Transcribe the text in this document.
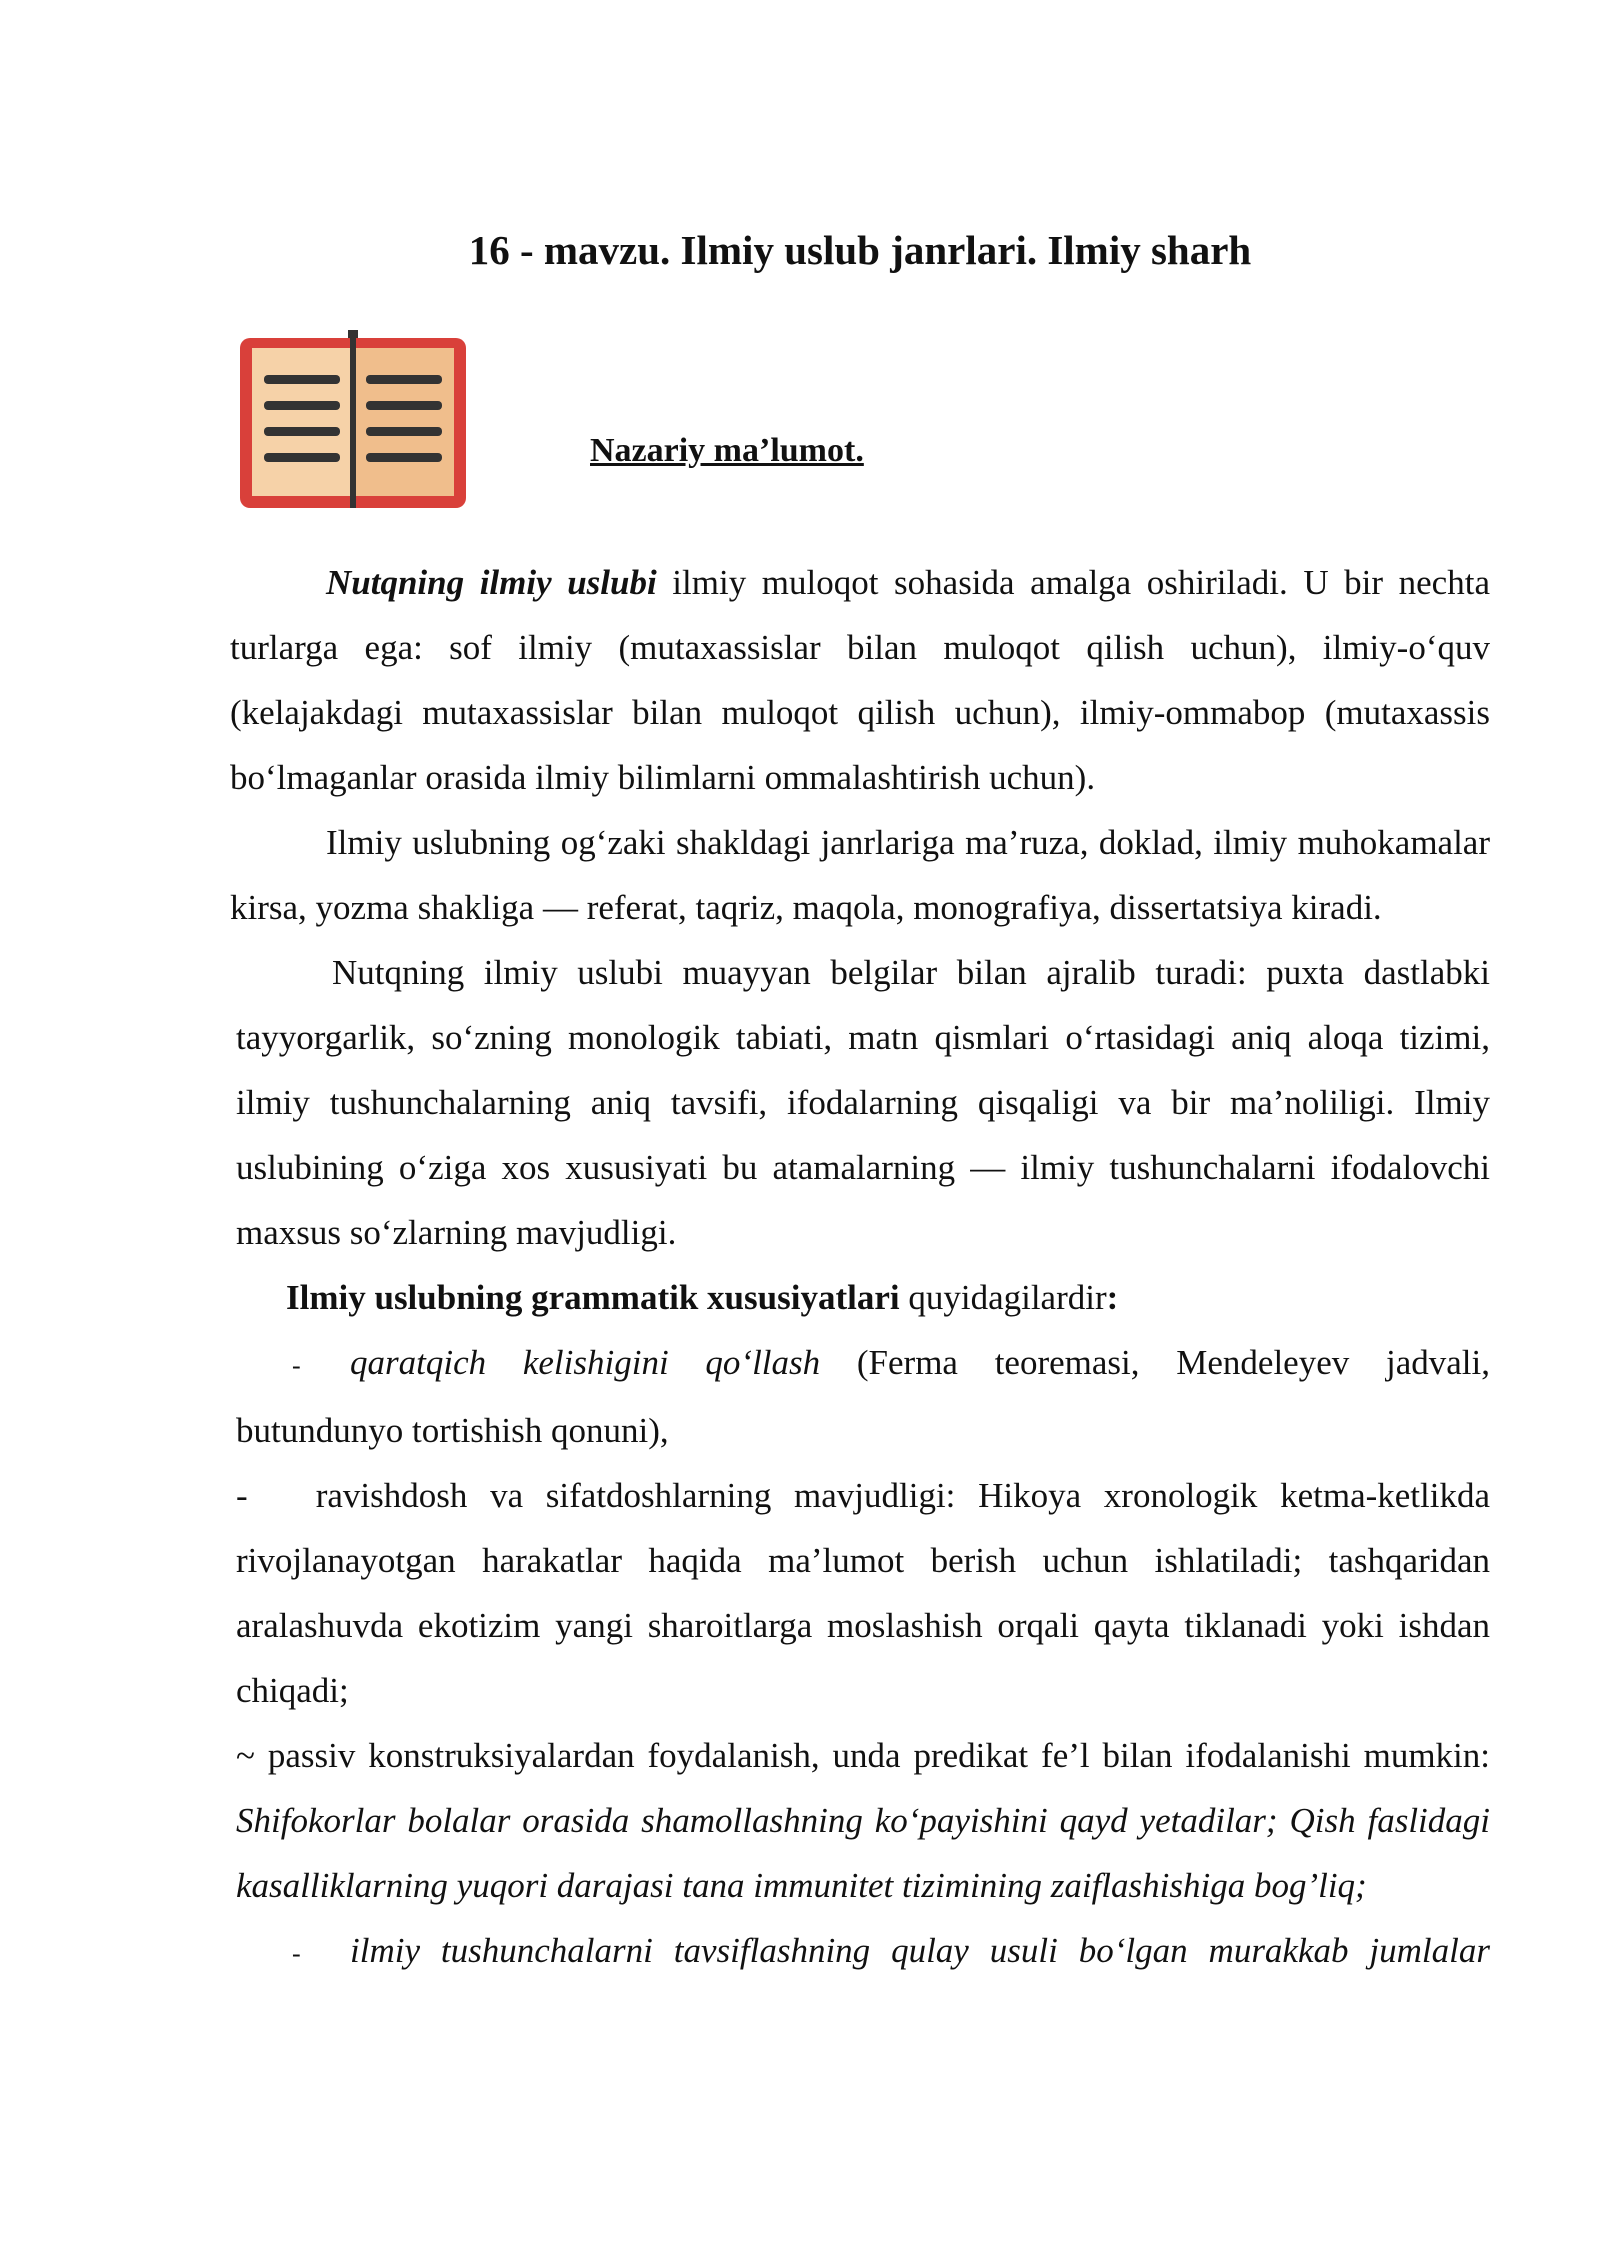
16 - mavzu. Ilmiy uslub janrlari. Ilmiy sharh
Nazariy ma’lumot.

Nutqning ilmiy uslubi ilmiy muloqot sohasida amalga oshiriladi. U bir nechta turlarga ega: sof ilmiy (mutaxassislar bilan muloqot qilish uchun), ilmiy-o‘quv (kelajakdagi mutaxassislar bilan muloqot qilish uchun), ilmiy-ommabop (mutaxassis bo‘lmaganlar orasida ilmiy bilimlarni ommalashtirish uchun).

Ilmiy uslubning og‘zaki shakldagi janrlariga ma’ruza, doklad, ilmiy muhokamalar kirsa, yozma shakliga — referat, taqriz, maqola, monografiya, dissertatsiya kiradi.

Nutqning ilmiy uslubi muayyan belgilar bilan ajralib turadi: puxta dastlabki tayyorgarlik, so‘zning monologik tabiati, matn qismlari o‘rtasidagi aniq aloqa tizimi, ilmiy tushunchalarning aniq tavsifi, ifodalarning qisqaligi va bir ma’noliligi. Ilmiy uslubining o‘ziga xos xususiyati bu atamalarning — ilmiy tushunchalarni ifodalovchi maxsus so‘zlarning mavjudligi.

Ilmiy uslubning grammatik xususiyatlari quyidagilardir:

- qaratqich kelishigini qo‘llash (Ferma teoremasi, Mendeleyev jadvali, butundunyo tortishish qonuni),

- ravishdosh va sifatdoshlarning mavjudligi: Hikoya xronologik ketma-ketlikda rivojlanayotgan harakatlar haqida ma’lumot berish uchun ishlatiladi; tashqaridan aralashuvda ekotizim yangi sharoitlarga moslashish orqali qayta tiklanadi yoki ishdan chiqadi;

~ passiv konstruksiyalardan foydalanish, unda predikat fe’l bilan ifodalanishi mumkin: Shifokorlar bolalar orasida shamollashning ko‘payishini qayd yetadilar; Qish faslidagi kasalliklarning yuqori darajasi tana immunitet tizimining zaiflashishiga bog’liq;

- ilmiy tushunchalarni tavsiflashning qulay usuli bo‘lgan murakkab jumlalar
